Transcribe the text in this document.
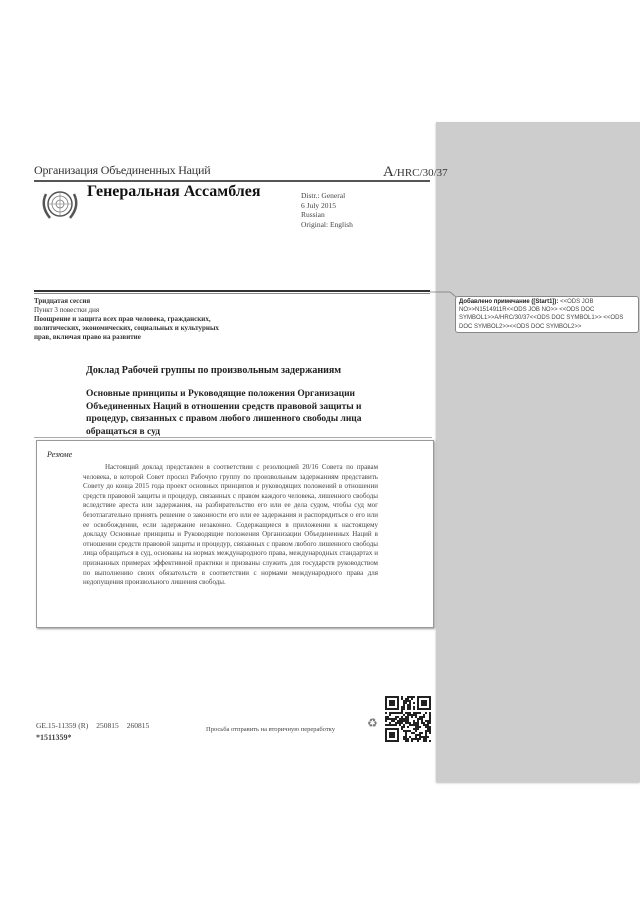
Организация Объединенных Наций	A/HRC/30/37
Генеральная Ассамблея	Distr.: General
6 July 2015
Russian
Original: English
Тридцатая сессия
Пункт 3 повестки дня
Поощрение и защита всех прав человека, гражданских, политических, экономических, социальных и культурных прав, включая право на развитие
Доклад Рабочей группы по произвольным задержаниям
Основные принципы и Руководящие положения Организации Объединенных Наций в отношении средств правовой защиты и процедур, связанных с правом любого лишенного свободы лица обращаться в суд
Резюме
Настоящий доклад представлен в соответствии с резолюцией 20/16 Совета по правам человека, в которой Совет просил Рабочую группу по произвольным задержаниям представить Совету до конца 2015 года проект основных принципов и руководящих положений в отношении средств правовой защиты и процедур, связанных с правом каждого человека, лишенного свободы вследствие ареста или задержания, на разбирательство его или ее дела судом, чтобы суд мог безотлагательно принять решение о законности его или ее задержания и распорядиться о его или ее освобождении, если задержание незаконно. Содержащиеся в приложении к настоящему докладу Основные принципы и Руководящие положения Организации Объединенных Наций в отношении средств правовой защиты и процедур, связанных с правом любого лишенного свободы лица обращаться в суд, основаны на нормах международного права, международных стандартах и признанных примерах эффективной практики и призваны служить для государств руководством по выполнению своих обязательств в соответствии с нормами международного права для недопущения произвольного лишения свободы.
GE.15-11359 (R) 250815 260815
*1511359*
Просьба отправить на вторичную переработку	♻
Добавлено примечание ([Start1]): <<ODS JOB NO>>N1514911R<<ODS JOB NO>> <<ODS DOC SYMBOL1>>A/HRC/30/37<<ODS DOC SYMBOL1>> <<ODS DOC SYMBOL2>><<ODS DOC SYMBOL2>>
